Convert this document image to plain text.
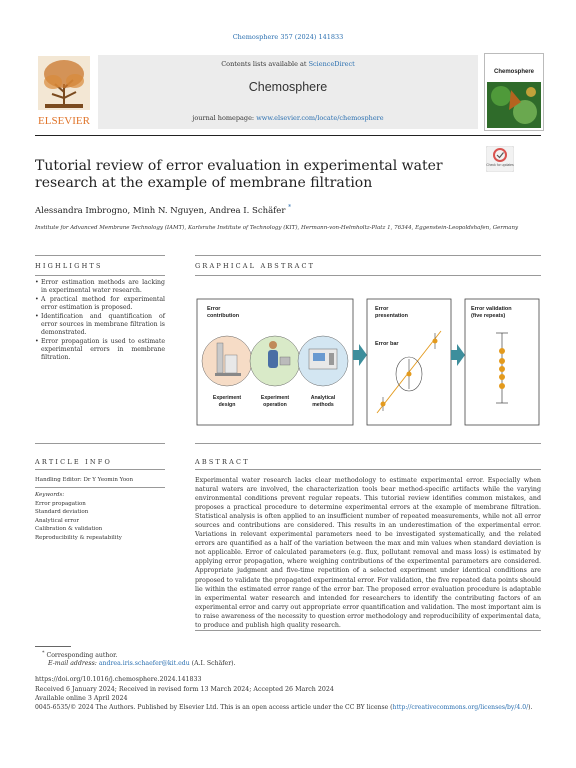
Chemosphere 357 (2024) 141833
ELSEVIER
Contents lists available at ScienceDirect
Chemosphere
journal homepage: www.elsevier.com/locate/chemosphere
Chemosphere
Tutorial review of error evaluation in experimental water research at the example of membrane filtration
Check for updates
Alessandra Imbrogno, Minh N. Nguyen, Andrea I. Schäfer *
Institute for Advanced Membrane Technology (IAMT), Karlsruhe Institute of Technology (KIT), Hermann-von-Helmholtz-Platz 1, 76344, Eggenstein-Leopoldshafen, Germany
HIGHLIGHTS
• Error estimation methods are lacking in experimental water research.
• A practical method for experimental error estimation is proposed.
• Identification and quantification of error sources in membrane filtration is demonstrated.
• Error propagation is used to estimate experimental errors in membrane filtration.
GRAPHICAL ABSTRACT
Error
contribution
Experiment
design
Experiment
operation
Analytical
methods
Error
presentation
Error bar
Error validation
(five repeats)
ARTICLE INFO
Handling Editor: Dr Y Yeomin Yoon
Keywords:
Error propagation
Standard deviation
Analytical error
Calibration & validation
Reproducibility & repeatability
ABSTRACT
Experimental water research lacks clear methodology to estimate experimental error. Especially when natural waters are involved, the characterization tools bear method-specific artifacts while the varying environmental conditions prevent regular repeats. This tutorial review identifies common mistakes, and proposes a practical procedure to determine experimental errors at the example of membrane filtration. Statistical analysis is often applied to an insufficient number of repeated measurements, while not all error sources and contributions are considered. This results in an underestimation of the experimental error. Variations in relevant experimental parameters need to be investigated systematically, and the related errors are quantified as a half of the variation between the max and min values when standard deviation is not applicable. Error of calculated parameters (e.g. flux, pollutant removal and mass loss) is estimated by applying error propagation, where weighing contributions of the experimental parameters are considered. Appropriate judgment and five-time repetition of a selected experiment under identical conditions are proposed to validate the propagated experimental error. For validation, the five repeated data points should lie within the estimated error range of the error bar. The proposed error evaluation procedure is adaptable in experimental water research and intended for researchers to identify the contributing factors of an experimental error and carry out appropriate error quantification and validation. The most important aim is to raise awareness of the necessity to question error methodology and reproducibility of experimental data, to produce and publish high quality research.
* Corresponding author.
E-mail address: andrea.iris.schaefer@kit.edu (A.I. Schäfer).
https://doi.org/10.1016/j.chemosphere.2024.141833
Received 6 January 2024; Received in revised form 13 March 2024; Accepted 26 March 2024
Available online 3 April 2024
0045-6535/© 2024 The Authors. Published by Elsevier Ltd. This is an open access article under the CC BY license (http://creativecommons.org/licenses/by/4.0/).
